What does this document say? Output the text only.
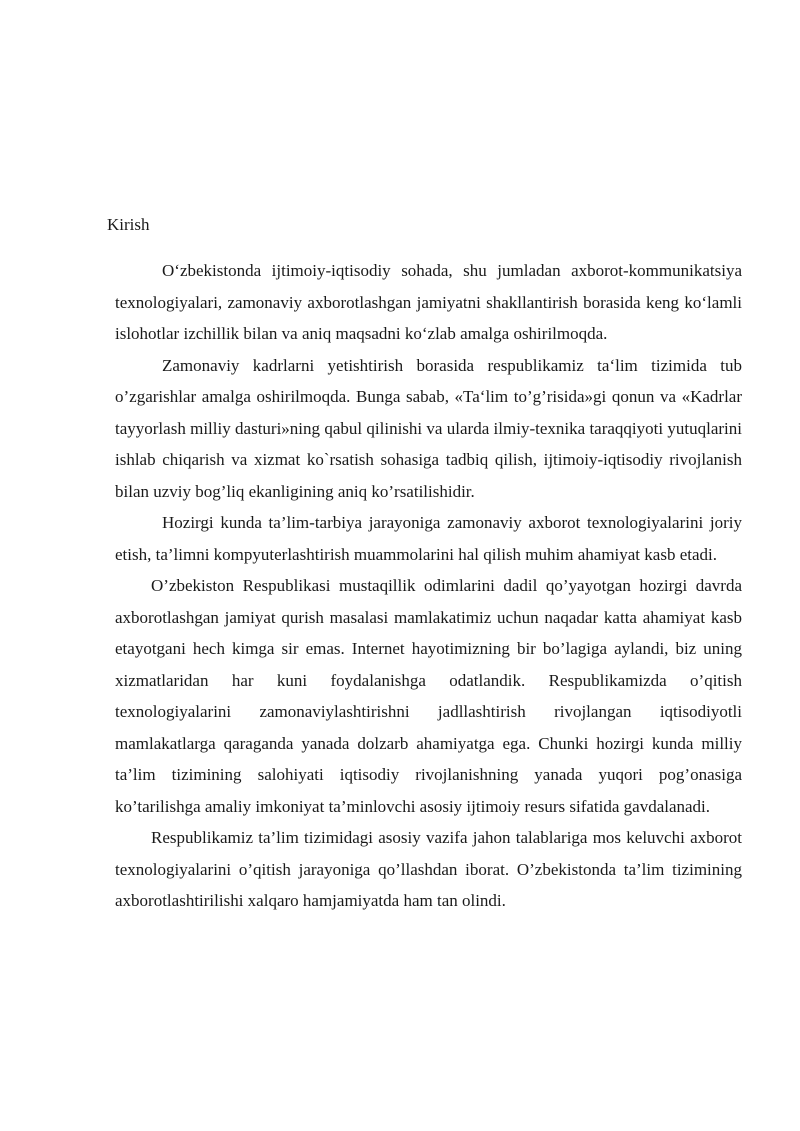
Kirish

O‘zbekistonda ijtimoiy-iqtisodiy sohada, shu jumladan axborot-kommunikatsiya texnologiyalari, zamonaviy axborotlashgan jamiyatni shakllantirish borasida keng ko‘lamli islohotlar izchillik bilan va aniq maqsadni ko‘zlab amalga oshirilmoqda.

Zamonaviy kadrlarni yetishtirish borasida respublikamiz ta‘lim tizimida tub o’zgarishlar amalga oshirilmoqda. Bunga sabab, «Ta‘lim to’g’risida»gi qonun va «Kadrlar tayyorlash milliy dasturi»ning qabul qilinishi va ularda ilmiy-texnika taraqqiyoti yutuqlarini ishlab chiqarish va xizmat ko`rsatish sohasiga tadbiq qilish, ijtimoiy-iqtisodiy rivojlanish bilan uzviy bog’liq ekanligining aniq ko’rsatilishidir.

Hozirgi kunda ta’lim-tarbiya jarayoniga zamonaviy axborot texnologiyalarini joriy etish, ta’limni kompyuterlashtirish muammolarini hal qilish muhim ahamiyat kasb etadi.

O’zbekiston Respublikasi mustaqillik odimlarini dadil qo’yayotgan hozirgi davrda axborotlashgan jamiyat qurish masalasi mamlakatimiz uchun naqadar katta ahamiyat kasb etayotgani hech kimga sir emas. Internet hayotimizning bir bo’lagiga aylandi, biz uning xizmatlaridan har kuni foydalanishga odatlandik. Respublikamizda o’qitish texnologiyalarini zamonaviylashtirishni jadllashtirish rivojlangan iqtisodiyotli mamlakatlarga qaraganda yanada dolzarb ahamiyatga ega. Chunki hozirgi kunda milliy ta’lim tizimining salohiyati iqtisodiy rivojlanishning yanada yuqori pog’onasiga ko’tarilishga amaliy imkoniyat ta’minlovchi asosiy ijtimoiy resurs sifatida gavdalanadi.

Respublikamiz ta’lim tizimidagi asosiy vazifa jahon talablariga mos keluvchi axborot texnologiyalarini o’qitish jarayoniga qo’llashdan iborat. O’zbekistonda ta’lim tizimining axborotlashtirilishi xalqaro hamjamiyatda ham tan olindi.
